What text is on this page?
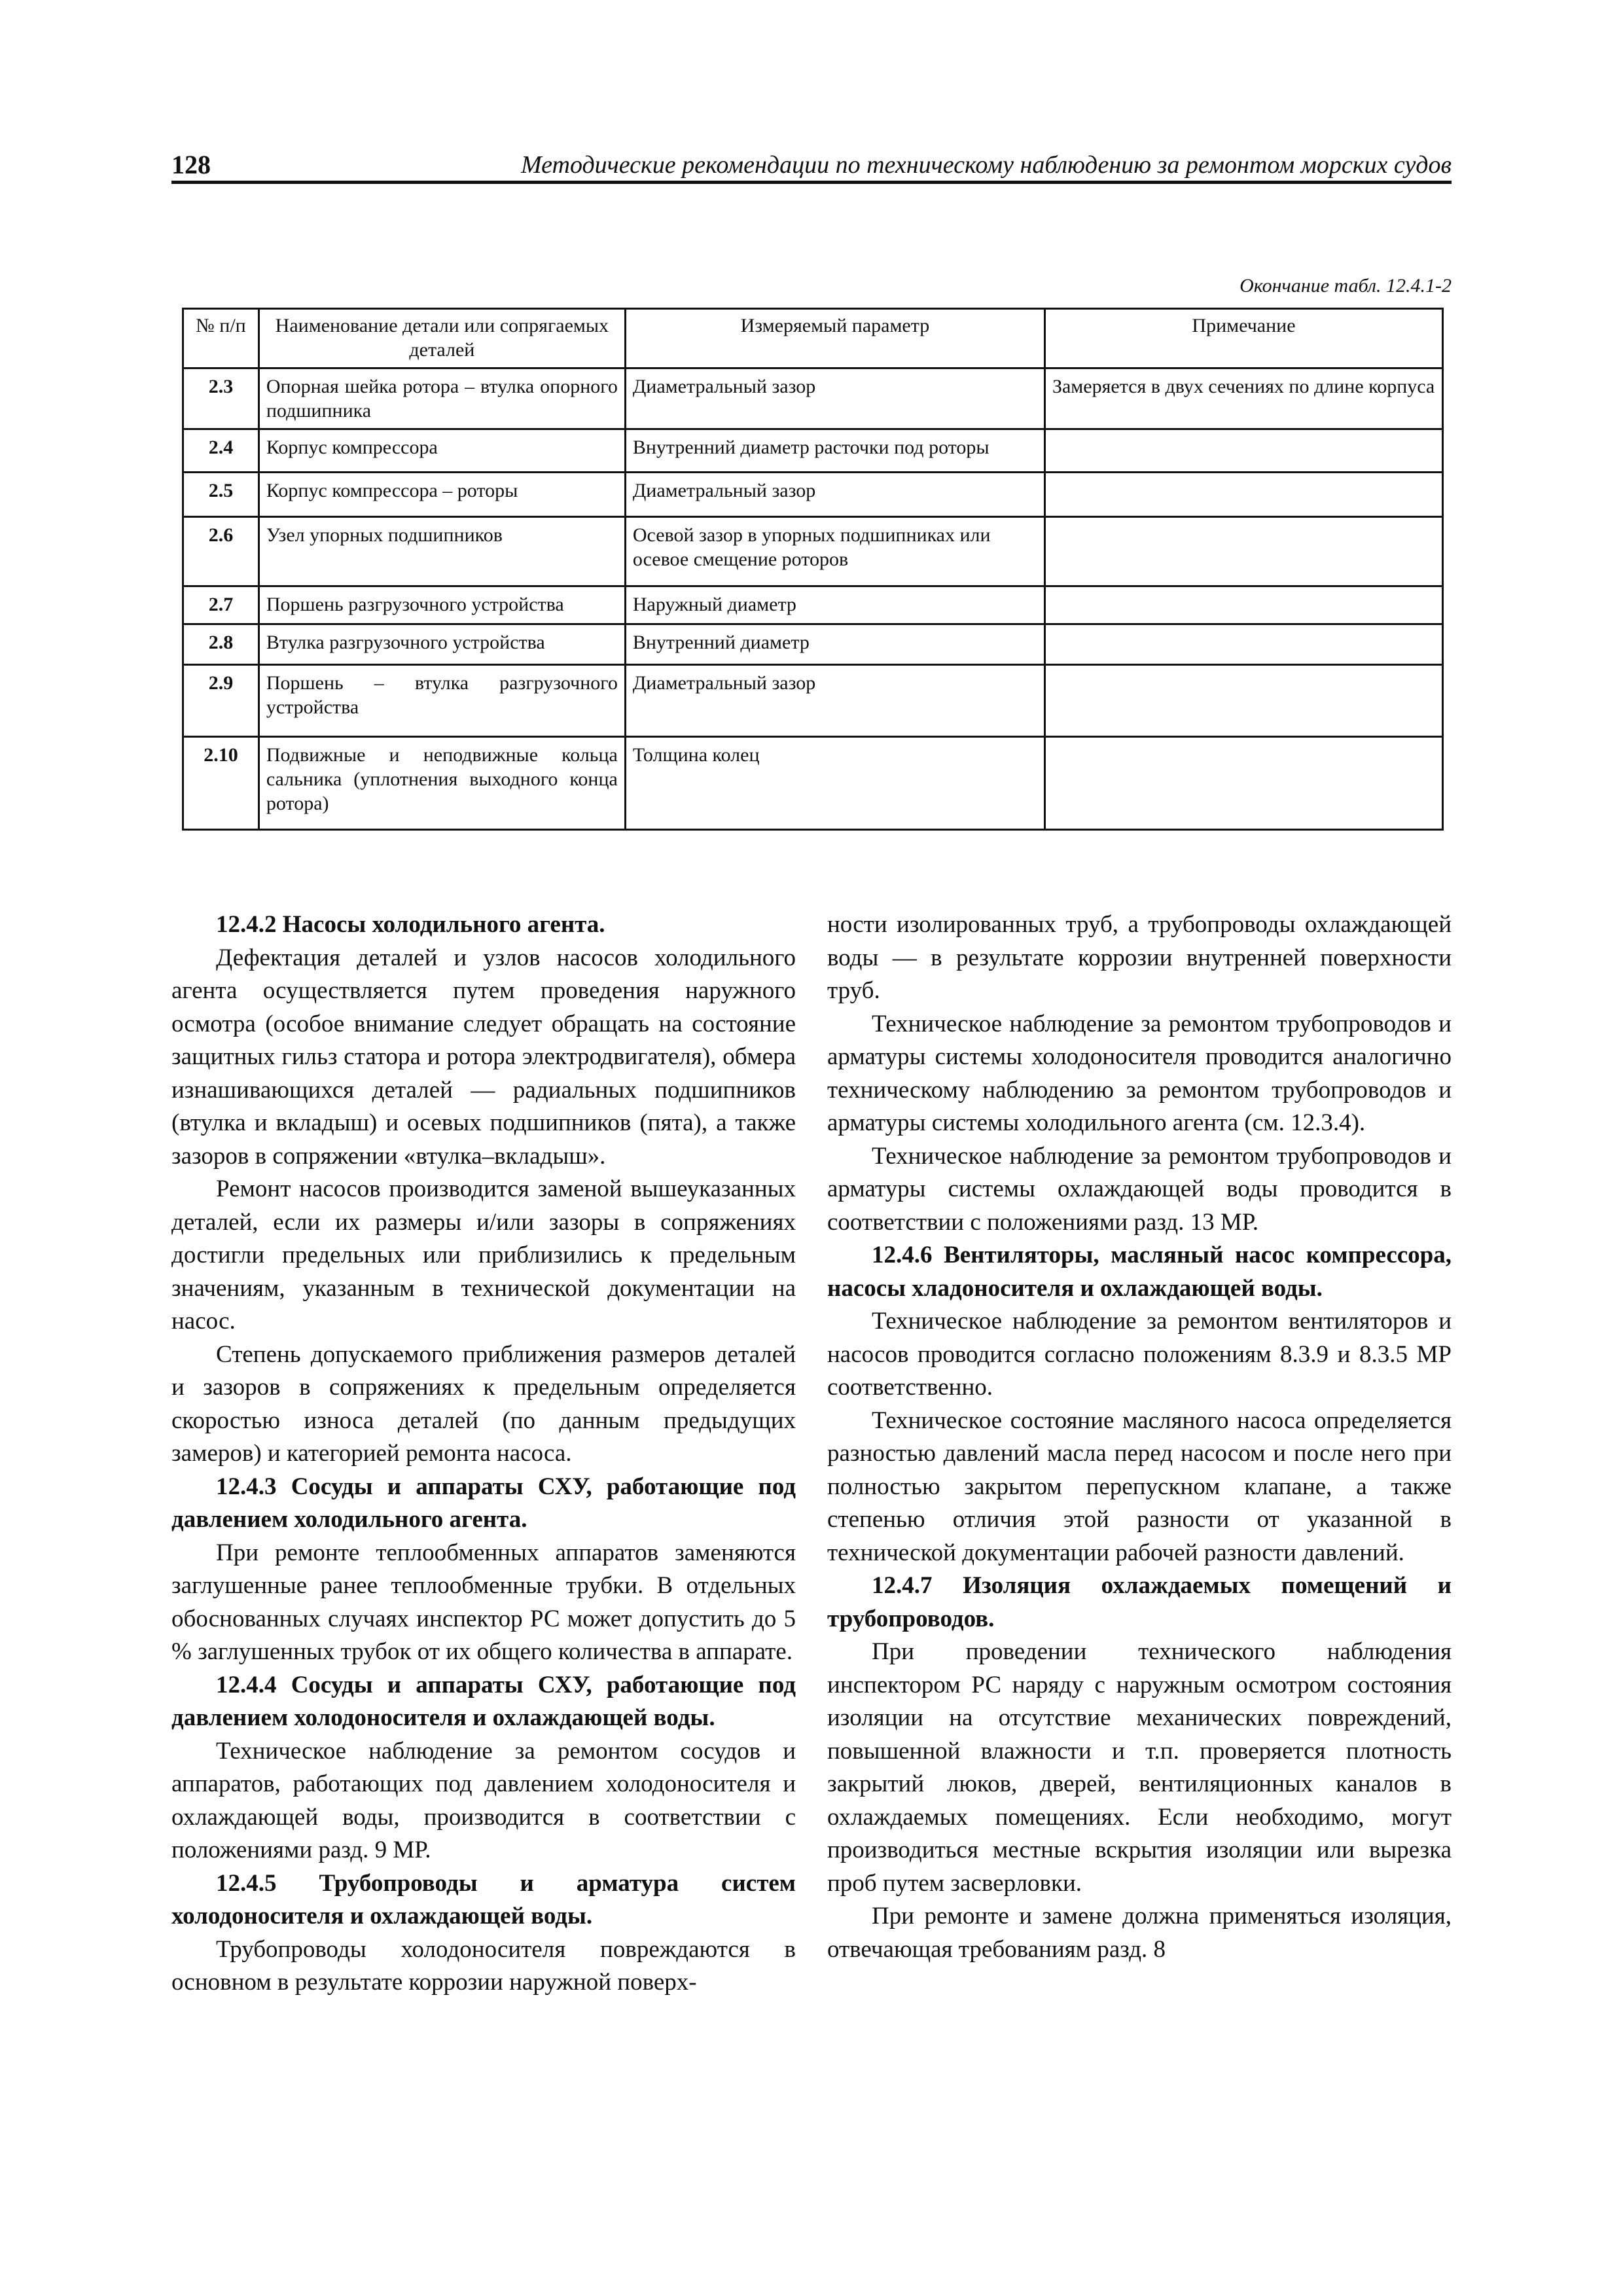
128	Методические рекомендации по техническому наблюдению за ремонтом морских судов
Окончание табл. 12.4.1-2
№ п/п	Наименование детали или сопрягаемых деталей	Измеряемый параметр	Примечание
2.3	Опорная шейка ротора – втулка опорного подшипника	Диаметральный зазор	Замеряется в двух сечениях по длине корпуса
2.4	Корпус компрессора	Внутренний диаметр расточки под роторы	
2.5	Корпус компрессора – роторы	Диаметральный зазор	
2.6	Узел упорных подшипников	Осевой зазор в упорных подшипниках или осевое смещение роторов	
2.7	Поршень разгрузочного устройства	Наружный диаметр	
2.8	Втулка разгрузочного устройства	Внутренний диаметр	
2.9	Поршень – втулка разгрузочного устройства	Диаметральный зазор	
2.10	Подвижные и неподвижные кольца сальника (уплотнения выходного конца ротора)	Толщина колец	

12.4.2 Насосы холодильного агента.

Дефектация деталей и узлов насосов холодильного агента осуществляется путем проведения наружного осмотра (особое внимание следует обращать на состояние защитных гильз статора и ротора электродвигателя), обмера изнашивающихся деталей — радиальных подшипников (втулка и вкладыш) и осевых подшипников (пята), а также зазоров в сопряжении «втулка–вкладыш».

Ремонт насосов производится заменой вышеуказанных деталей, если их размеры и/или зазоры в сопряжениях достигли предельных или приблизились к предельным значениям, указанным в технической документации на насос.

Степень допускаемого приближения размеров деталей и зазоров в сопряжениях к предельным определяется скоростью износа деталей (по данным предыдущих замеров) и категорией ремонта насоса.

12.4.3 Сосуды и аппараты СХУ, работающие под давлением холодильного агента.

При ремонте теплообменных аппаратов заменяются заглушенные ранее теплообменные трубки. В отдельных обоснованных случаях инспектор РС может допустить до 5 % заглушенных трубок от их общего количества в аппарате.

12.4.4 Сосуды и аппараты СХУ, работающие под давлением холодоносителя и охлаждающей воды.

Техническое наблюдение за ремонтом сосудов и аппаратов, работающих под давлением холодоносителя и охлаждающей воды, производится в соответствии с положениями разд. 9 МР.

12.4.5 Трубопроводы и арматура систем холодоносителя и охлаждающей воды.

Трубопроводы холодоносителя повреждаются в основном в результате коррозии наружной поверх-

ности изолированных труб, а трубопроводы охлаждающей воды — в результате коррозии внутренней поверхности труб.

Техническое наблюдение за ремонтом трубопроводов и арматуры системы холодоносителя проводится аналогично техническому наблюдению за ремонтом трубопроводов и арматуры системы холодильного агента (см. 12.3.4).

Техническое наблюдение за ремонтом трубопроводов и арматуры системы охлаждающей воды проводится в соответствии с положениями разд. 13 МР.

12.4.6 Вентиляторы, масляный насос компрессора, насосы хладоносителя и охлаждающей воды.

Техническое наблюдение за ремонтом вентиляторов и насосов проводится согласно положениям 8.3.9 и 8.3.5 МР соответственно.

Техническое состояние масляного насоса определяется разностью давлений масла перед насосом и после него при полностью закрытом перепускном клапане, а также степенью отличия этой разности от указанной в технической документации рабочей разности давлений.

12.4.7 Изоляция охлаждаемых помещений и трубопроводов.

При проведении технического наблюдения инспектором РС наряду с наружным осмотром состояния изоляции на отсутствие механических повреждений, повышенной влажности и т.п. проверяется плотность закрытий люков, дверей, вентиляционных каналов в охлаждаемых помещениях. Если необходимо, могут производиться местные вскрытия изоляции или вырезка проб путем засверловки.

При ремонте и замене должна применяться изоляция, отвечающая требованиям разд. 8
